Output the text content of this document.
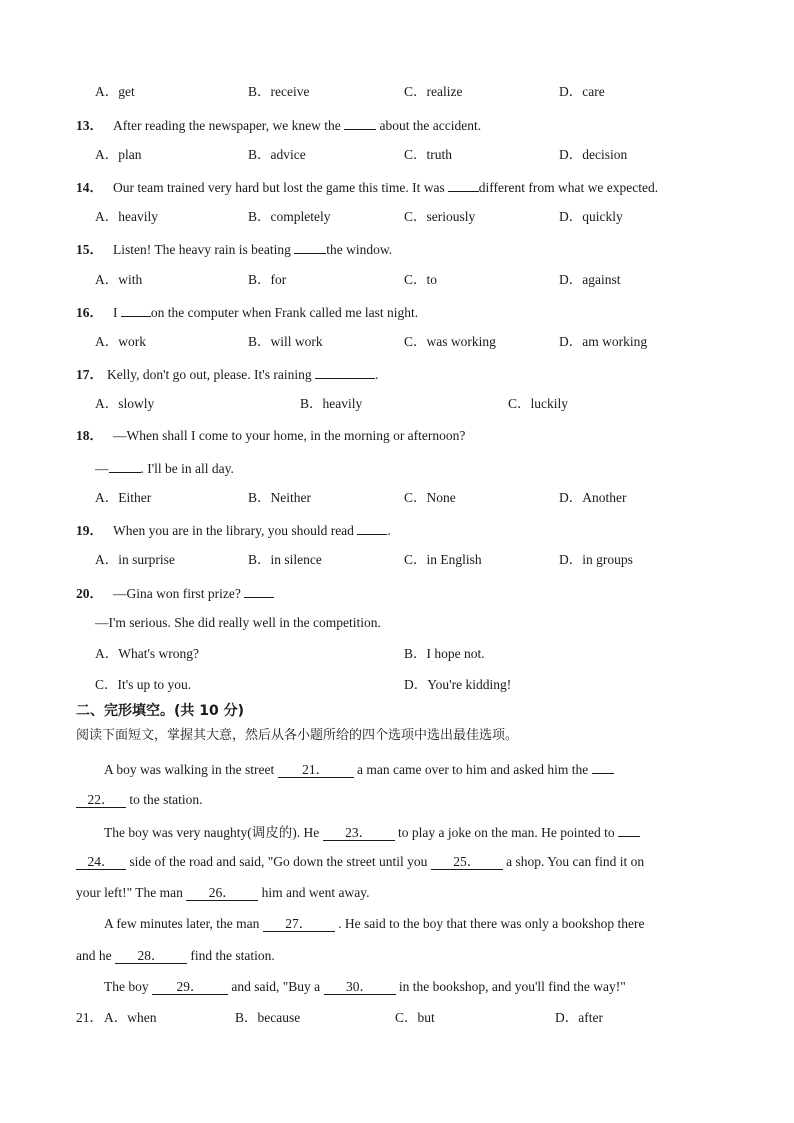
A．get	B．receive	C．realize	D．care
13． After reading the newspaper, we knew the	about the accident.
A．plan	B．advice	C．truth	D．decision
14． Our team trained very hard but lost the game this time. It was	different from what we expected.
A．heavily	B．completely	C．seriously	D．quickly
15． Listen! The heavy rain is beating	the window.
A．with	B．for	C．to	D．against
16． I on the computer when Frank called me last night.
A．work	B．will work	C．was working	D．am working
17． Kelly, don't go out, please. It's raining	.
A．slowly	B．heavily	C．luckily
18． —When shall I come to your home, in the morning or afternoon?
— . I'll be in all day.
A．Either	B．Neither	C．None	D．Another
19． When you are in the library, you should read .
A．in surprise	B．in silence	C．in English	D．in groups
20． —Gina won first prize?
—I'm serious. She did really well in the competition.
A．What's wrong?	B．I hope not.
C．It's up to you.	D．You're kidding!
二、完形填空。(共 10 分)
阅读下面短文，掌握其大意，然后从各小题所给的四个选项中选出最佳选项。
A boy was walking in the street 21． a man came over to him and asked him the
22． to the station.
The boy was very naughty(调皮的). He 23． to play a joke on the man. He pointed to
24． side of the road and said, "Go down the street until you 25． a shop. You can find it on
your left!" The man 26． him and went away.
A few minutes later, the man 27． . He said to the boy that there was only a bookshop there
and he 28． find the station.
The boy 29． and said, "Buy a 30． in the bookshop, and you'll find the way!"
21． A．when	B．because	C．but	D．after
